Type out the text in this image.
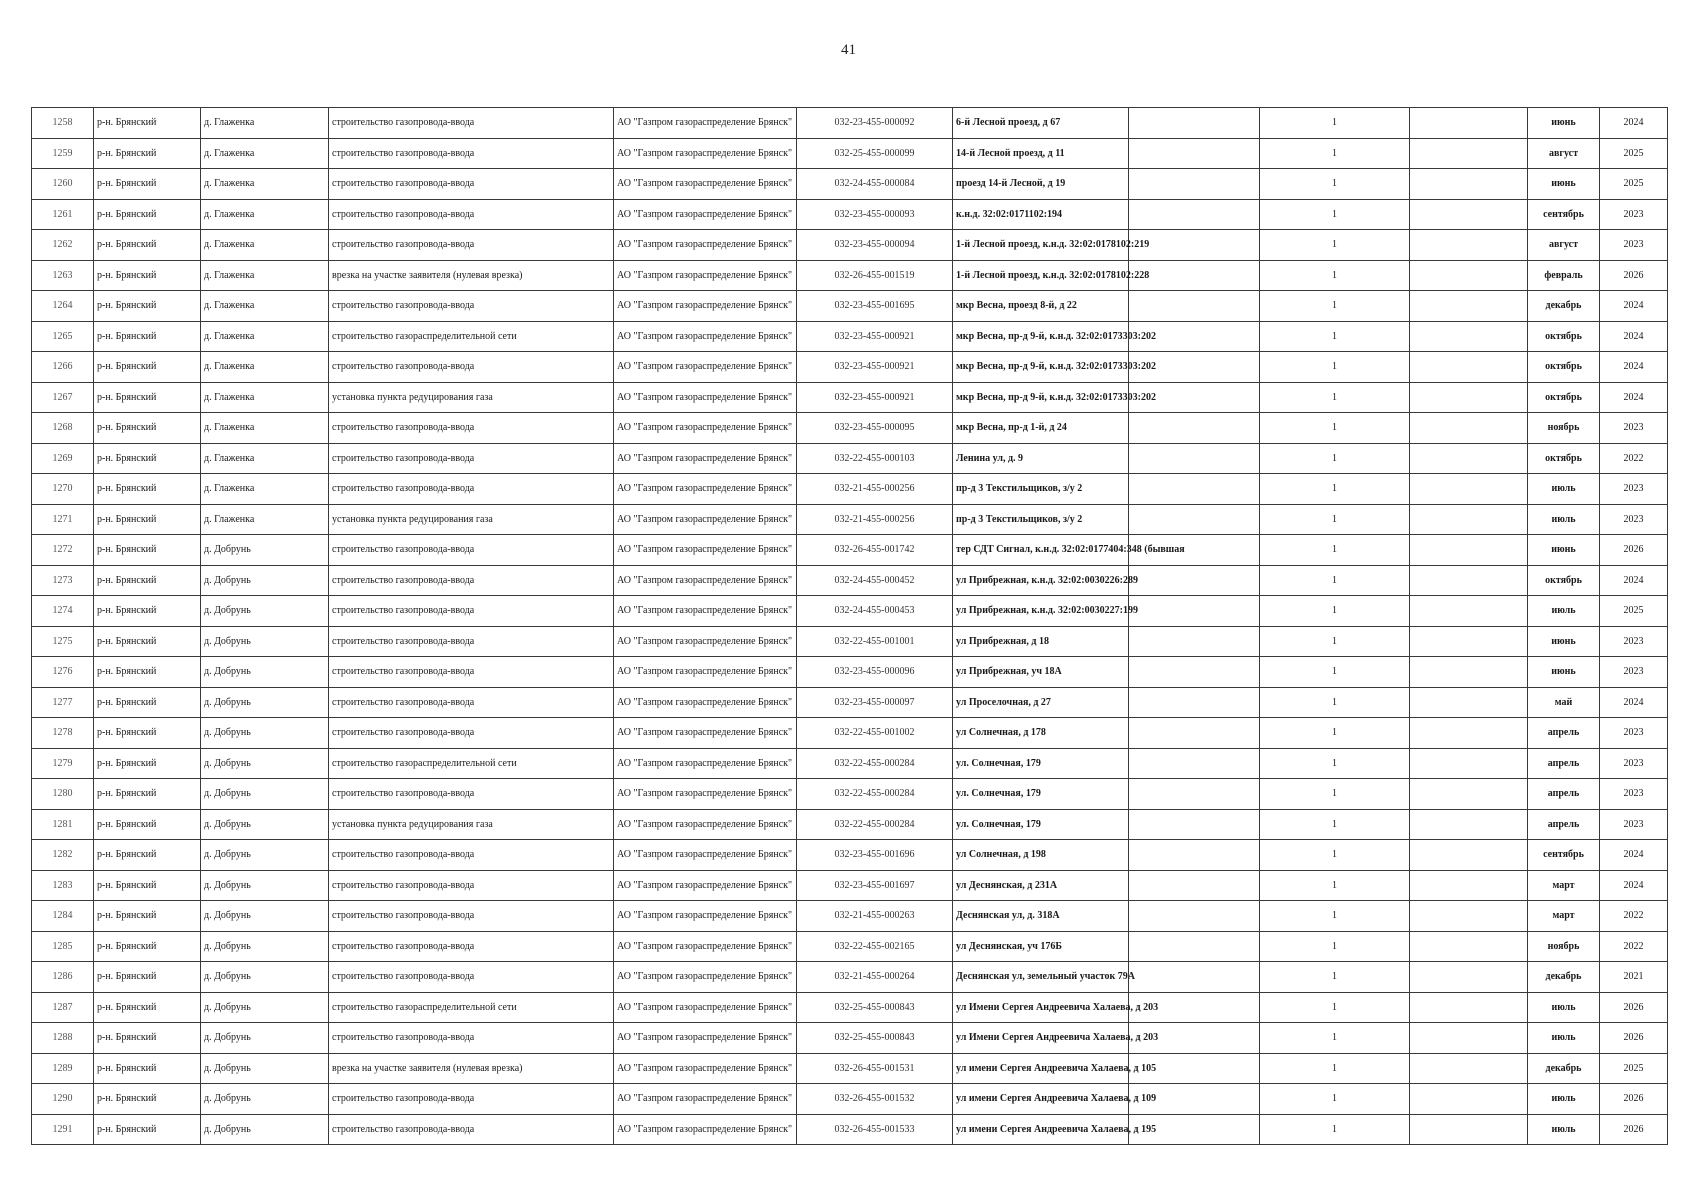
41
1258	р-н. Брянский	д. Глаженка	строительство газопровода-ввода	АО "Газпром газораспределение Брянск"	032-23-455-000092	6-й Лесной проезд, д 67		1		июнь	2024
1259	р-н. Брянский	д. Глаженка	строительство газопровода-ввода	АО "Газпром газораспределение Брянск"	032-25-455-000099	14-й Лесной проезд, д 11		1		август	2025
1260	р-н. Брянский	д. Глаженка	строительство газопровода-ввода	АО "Газпром газораспределение Брянск"	032-24-455-000084	проезд 14-й Лесной, д 19		1		июнь	2025
1261	р-н. Брянский	д. Глаженка	строительство газопровода-ввода	АО "Газпром газораспределение Брянск"	032-23-455-000093	к.н.д. 32:02:0171102:194		1		сентябрь	2023
1262	р-н. Брянский	д. Глаженка	строительство газопровода-ввода	АО "Газпром газораспределение Брянск"	032-23-455-000094	1-й Лесной проезд, к.н.д. 32:02:0178102:219		1		август	2023
1263	р-н. Брянский	д. Глаженка	врезка на участке заявителя (нулевая врезка)	АО "Газпром газораспределение Брянск"	032-26-455-001519	1-й Лесной проезд, к.н.д. 32:02:0178102:228		1		февраль	2026
1264	р-н. Брянский	д. Глаженка	строительство газопровода-ввода	АО "Газпром газораспределение Брянск"	032-23-455-001695	мкр Весна, проезд 8-й, д 22		1		декабрь	2024
1265	р-н. Брянский	д. Глаженка	строительство газораспределительной сети	АО "Газпром газораспределение Брянск"	032-23-455-000921	мкр Весна, пр-д 9-й, к.н.д. 32:02:0173303:202		1		октябрь	2024
1266	р-н. Брянский	д. Глаженка	строительство газопровода-ввода	АО "Газпром газораспределение Брянск"	032-23-455-000921	мкр Весна, пр-д 9-й, к.н.д. 32:02:0173303:202		1		октябрь	2024
1267	р-н. Брянский	д. Глаженка	установка пункта редуцирования газа	АО "Газпром газораспределение Брянск"	032-23-455-000921	мкр Весна, пр-д 9-й, к.н.д. 32:02:0173303:202		1		октябрь	2024
1268	р-н. Брянский	д. Глаженка	строительство газопровода-ввода	АО "Газпром газораспределение Брянск"	032-23-455-000095	мкр Весна, пр-д 1-й, д 24		1		ноябрь	2023
1269	р-н. Брянский	д. Глаженка	строительство газопровода-ввода	АО "Газпром газораспределение Брянск"	032-22-455-000103	Ленина ул, д. 9		1		октябрь	2022
1270	р-н. Брянский	д. Глаженка	строительство газопровода-ввода	АО "Газпром газораспределение Брянск"	032-21-455-000256	пр-д 3 Текстильщиков, з/у 2		1		июль	2023
1271	р-н. Брянский	д. Глаженка	установка пункта редуцирования газа	АО "Газпром газораспределение Брянск"	032-21-455-000256	пр-д 3 Текстильщиков, з/у 2		1		июль	2023
1272	р-н. Брянский	д. Добрунь	строительство газопровода-ввода	АО "Газпром газораспределение Брянск"	032-26-455-001742	тер СДТ Сигнал, к.н.д. 32:02:0177404:348 (бывшая		1		июнь	2026
1273	р-н. Брянский	д. Добрунь	строительство газопровода-ввода	АО "Газпром газораспределение Брянск"	032-24-455-000452	ул Прибрежная, к.н.д. 32:02:0030226:289		1		октябрь	2024
1274	р-н. Брянский	д. Добрунь	строительство газопровода-ввода	АО "Газпром газораспределение Брянск"	032-24-455-000453	ул Прибрежная, к.н.д. 32:02:0030227:199		1		июль	2025
1275	р-н. Брянский	д. Добрунь	строительство газопровода-ввода	АО "Газпром газораспределение Брянск"	032-22-455-001001	ул Прибрежная, д 18		1		июнь	2023
1276	р-н. Брянский	д. Добрунь	строительство газопровода-ввода	АО "Газпром газораспределение Брянск"	032-23-455-000096	ул Прибрежная, уч 18А		1		июнь	2023
1277	р-н. Брянский	д. Добрунь	строительство газопровода-ввода	АО "Газпром газораспределение Брянск"	032-23-455-000097	ул Проселочная, д 27		1		май	2024
1278	р-н. Брянский	д. Добрунь	строительство газопровода-ввода	АО "Газпром газораспределение Брянск"	032-22-455-001002	ул Солнечная, д 178		1		апрель	2023
1279	р-н. Брянский	д. Добрунь	строительство газораспределительной сети	АО "Газпром газораспределение Брянск"	032-22-455-000284	ул. Солнечная, 179		1		апрель	2023
1280	р-н. Брянский	д. Добрунь	строительство газопровода-ввода	АО "Газпром газораспределение Брянск"	032-22-455-000284	ул. Солнечная, 179		1		апрель	2023
1281	р-н. Брянский	д. Добрунь	установка пункта редуцирования газа	АО "Газпром газораспределение Брянск"	032-22-455-000284	ул. Солнечная, 179		1		апрель	2023
1282	р-н. Брянский	д. Добрунь	строительство газопровода-ввода	АО "Газпром газораспределение Брянск"	032-23-455-001696	ул Солнечная, д 198		1		сентябрь	2024
1283	р-н. Брянский	д. Добрунь	строительство газопровода-ввода	АО "Газпром газораспределение Брянск"	032-23-455-001697	ул Деснянская, д 231А		1		март	2024
1284	р-н. Брянский	д. Добрунь	строительство газопровода-ввода	АО "Газпром газораспределение Брянск"	032-21-455-000263	Деснянская ул, д. 318А		1		март	2022
1285	р-н. Брянский	д. Добрунь	строительство газопровода-ввода	АО "Газпром газораспределение Брянск"	032-22-455-002165	ул Деснянская, уч 176Б		1		ноябрь	2022
1286	р-н. Брянский	д. Добрунь	строительство газопровода-ввода	АО "Газпром газораспределение Брянск"	032-21-455-000264	Деснянская ул, земельный участок 79А		1		декабрь	2021
1287	р-н. Брянский	д. Добрунь	строительство газораспределительной сети	АО "Газпром газораспределение Брянск"	032-25-455-000843	ул Имени Сергея Андреевича Халаева, д 203		1		июль	2026
1288	р-н. Брянский	д. Добрунь	строительство газопровода-ввода	АО "Газпром газораспределение Брянск"	032-25-455-000843	ул Имени Сергея Андреевича Халаева, д 203		1		июль	2026
1289	р-н. Брянский	д. Добрунь	врезка на участке заявителя (нулевая врезка)	АО "Газпром газораспределение Брянск"	032-26-455-001531	ул имени Сергея Андреевича Халаева, д 105		1		декабрь	2025
1290	р-н. Брянский	д. Добрунь	строительство газопровода-ввода	АО "Газпром газораспределение Брянск"	032-26-455-001532	ул имени Сергея Андреевича Халаева, д 109		1		июль	2026
1291	р-н. Брянский	д. Добрунь	строительство газопровода-ввода	АО "Газпром газораспределение Брянск"	032-26-455-001533	ул имени Сергея Андреевича Халаева, д 195		1		июль	2026
